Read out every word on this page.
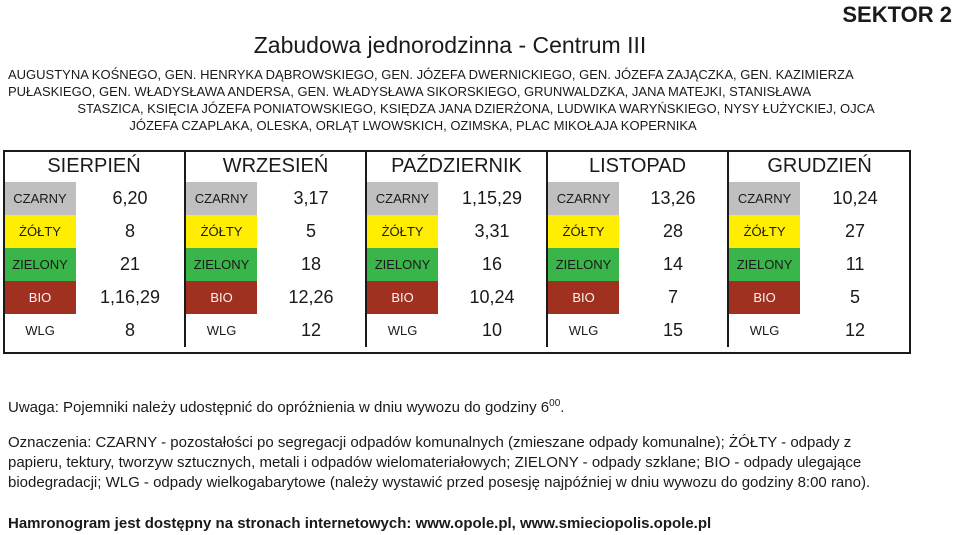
SEKTOR 2
Zabudowa jednorodzinna - Centrum III
AUGUSTYNA KOŚNEGO, GEN. HENRYKA DĄBROWSKIEGO, GEN. JÓZEFA DWERNICKIEGO, GEN. JÓZEFA ZAJĄCZKA, GEN. KAZIMIERZA
PUŁASKIEGO, GEN. WŁADYSŁAWA ANDERSA, GEN. WŁADYSŁAWA SIKORSKIEGO, GRUNWALDZKA, JANA MATEJKI, STANISŁAWA
STASZICA, KSIĘCIA JÓZEFA PONIATOWSKIEGO, KSIĘDZA JANA DZIERŻONA, LUDWIKA WARYŃSKIEGO, NYSY ŁUŻYCKIEJ, OJCA
JÓZEFA CZAPLAKA, OLESKA, ORLĄT LWOWSKICH, OZIMSKA, PLAC MIKOŁAJA KOPERNIKA
SIERPIEŃ		WRZESIEŃ		PAŹDZIERNIK		LISTOPAD		GRUDZIEŃ	
CZARNY	6,20	CZARNY	3,17	CZARNY	1,15,29	CZARNY	13,26	CZARNY	10,24
ŻÓŁTY	8	ŻÓŁTY	5	ŻÓŁTY	3,31	ŻÓŁTY	28	ŻÓŁTY	27
ZIELONY	21	ZIELONY	18	ZIELONY	16	ZIELONY	14	ZIELONY	11
BIO	1,16,29	BIO	12,26	BIO	10,24	BIO	7	BIO	5
WLG	8	WLG	12	WLG	10	WLG	15	WLG	12
Uwaga: Pojemniki należy udostępnić do opróżnienia w dniu wywozu do godziny $6^{00}$.
Oznaczenia: CZARNY - pozostałości po segregacji odpadów komunalnych (zmieszane odpady komunalne); ŻÓŁTY - odpady z papieru, tektury, tworzyw sztucznych, metali i odpadów wielomateriałowych; ZIELONY - odpady szklane; BIO - odpady ulegające biodegradacji; WLG - odpady wielkogabarytowe (należy wystawić przed posesję najpóźniej w dniu wywozu do godziny 8:00 rano).
Hamronogram jest dostępny na stronach internetowych: www.opole.pl, www.smieciopolis.opole.pl
